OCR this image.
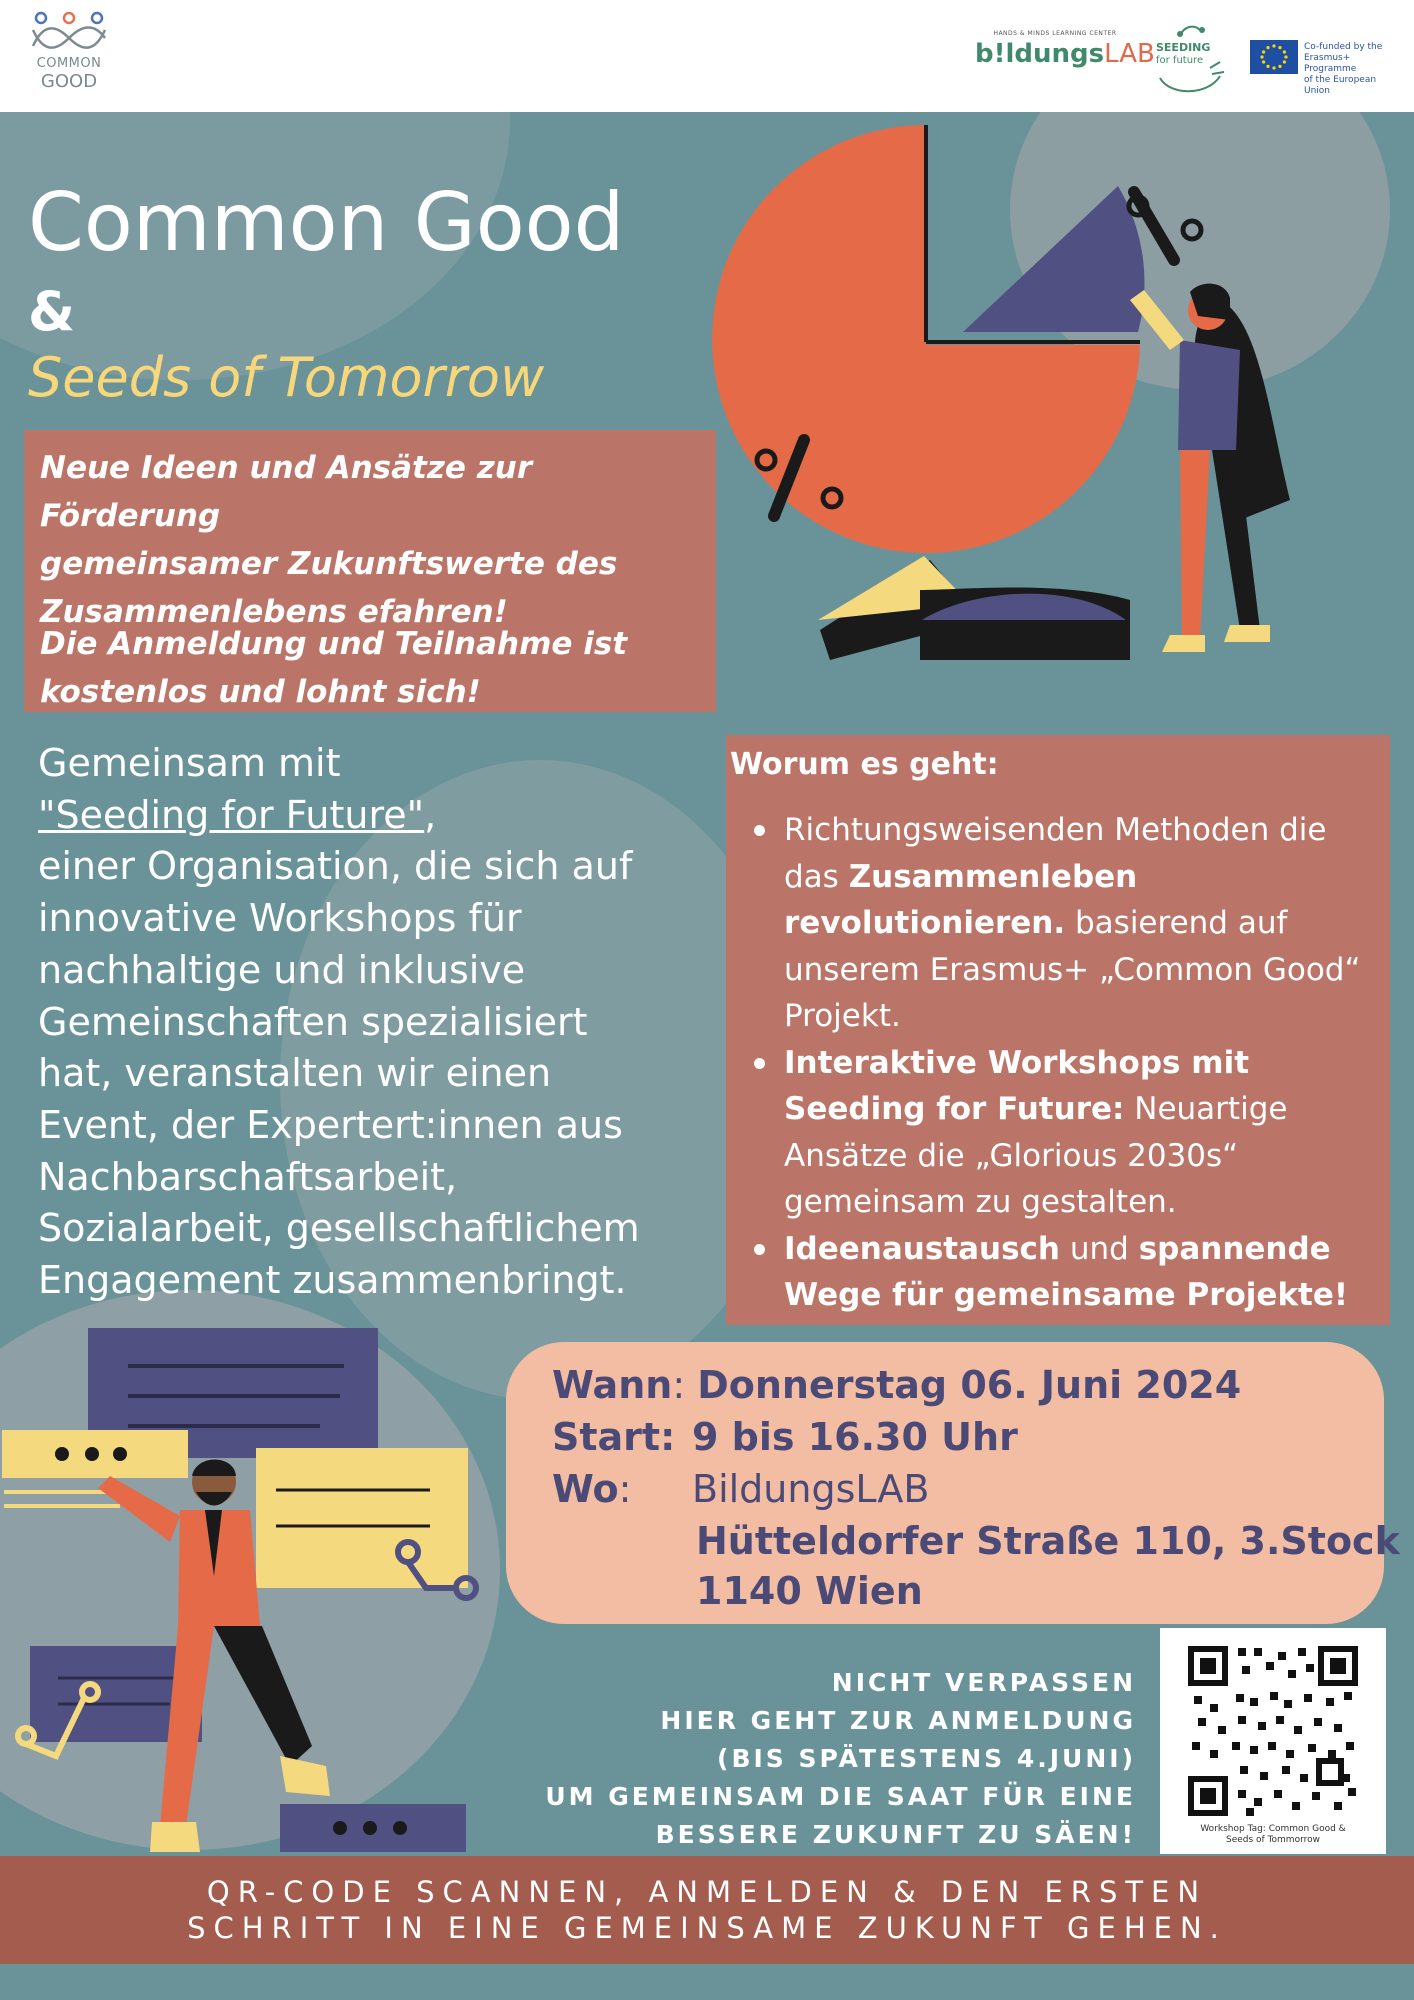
COMMON
GOOD
HANDS & MINDS LEARNING CENTER
b!ldungsLAB SEEDING
for future
Co-funded by the
Erasmus+ Programme
of the European Union
Common Good
&
Seeds of Tomorrow
Neue Ideen und Ansätze zur Förderung
gemeinsamer Zukunftswerte des
Zusammenlebens efahren!
Die Anmeldung und Teilnahme ist
kostenlos und lohnt sich!
Gemeinsam mit
"Seeding for Future",
einer Organisation, die sich auf
innovative Workshops für
nachhaltige und inklusive
Gemeinschaften spezialisiert
hat, veranstalten wir einen
Event, der Expertert:innen aus
Nachbarschaftsarbeit,
Sozialarbeit, gesellschaftlichem
Engagement zusammenbringt.
Worum es geht:
Richtungsweisenden Methoden die das Zusammenleben revolutionieren. basierend auf unserem Erasmus+ „Common Good“ Projekt.
Interaktive Workshops mit Seeding for Future: Neuartige Ansätze die „Glorious 2030s“ gemeinsam zu gestalten.
Ideenaustausch und spannende Wege für gemeinsame Projekte!
Wann: Donnerstag 06. Juni 2024
Start: 9 bis 16.30 Uhr
Wo: BildungsLAB
Hütteldorfer Straße 110, 3.Stock
1140 Wien
NICHT VERPASSEN
HIER GEHT ZUR ANMELDUNG
(BIS SPÄTESTENS 4.JUNI)
UM GEMEINSAM DIE SAAT FÜR EINE
BESSERE ZUKUNFT ZU SÄEN!	Workshop Tag: Common Good &
Seeds of Tommorrow
QR-CODE SCANNEN, ANMELDEN & DEN ERSTEN
SCHRITT IN EINE GEMEINSAME ZUKUNFT GEHEN.
